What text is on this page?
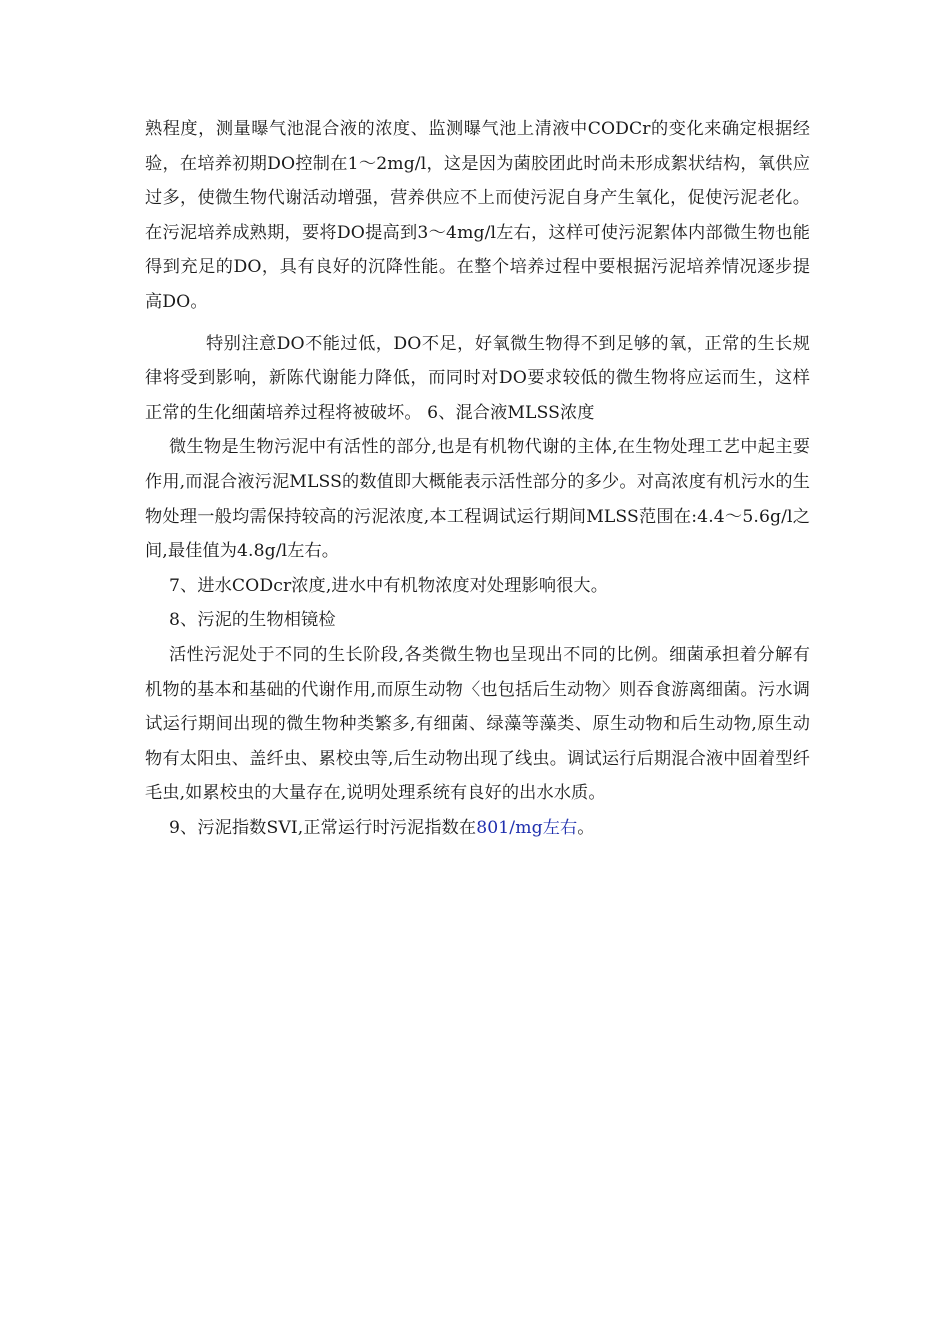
熟程度，测量曝气池混合液的浓度、监测曝气池上清液中CODCr的变化来确定根据经验，在培养初期DO控制在1～2mg/l，这是因为菌胶团此时尚未形成絮状结构，氧供应过多，使微生物代谢活动增强，营养供应不上而使污泥自身产生氧化，促使污泥老化。在污泥培养成熟期，要将DO提高到3～4mg/l左右，这样可使污泥絮体内部微生物也能得到充足的DO，具有良好的沉降性能。在整个培养过程中要根据污泥培养情况逐步提高DO。

特别注意DO不能过低，DO不足，好氧微生物得不到足够的氧，正常的生长规律将受到影响，新陈代谢能力降低，而同时对DO要求较低的微生物将应运而生，这样正常的生化细菌培养过程将被破坏。 6、混合液MLSS浓度

微生物是生物污泥中有活性的部分,也是有机物代谢的主体,在生物处理工艺中起主要作用,而混合液污泥MLSS的数值即大概能表示活性部分的多少。对高浓度有机污水的生物处理一般均需保持较高的污泥浓度,本工程调试运行期间MLSS范围在:4.4～5.6g/l之间,最佳值为4.8g/l左右。

7、进水CODcr浓度,进水中有机物浓度对处理影响很大。

8、污泥的生物相镜检

活性污泥处于不同的生长阶段,各类微生物也呈现出不同的比例。细菌承担着分解有机物的基本和基础的代谢作用,而原生动物〈也包括后生动物〉则吞食游离细菌。污水调试运行期间出现的微生物种类繁多,有细菌、绿藻等藻类、原生动物和后生动物,原生动物有太阳虫、盖纤虫、累校虫等,后生动物出现了线虫。调试运行后期混合液中固着型纤毛虫,如累校虫的大量存在,说明处理系统有良好的出水水质。

9、污泥指数SVI,正常运行时污泥指数在801/mg左右。
